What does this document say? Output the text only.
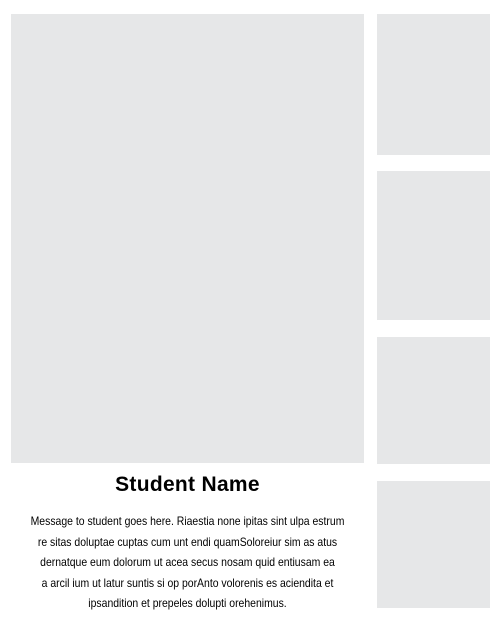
Student Name
Message to student goes here. Riaestia none ipitas sint ulpa estrum
re sitas doluptae cuptas cum unt endi quamSoloreiur sim as atus
dernatque eum dolorum ut acea secus nosam quid entiusam ea
a arcil ium ut latur suntis si op porAnto volorenis es aciendita et
ipsandition et prepeles dolupti orehenimus.
